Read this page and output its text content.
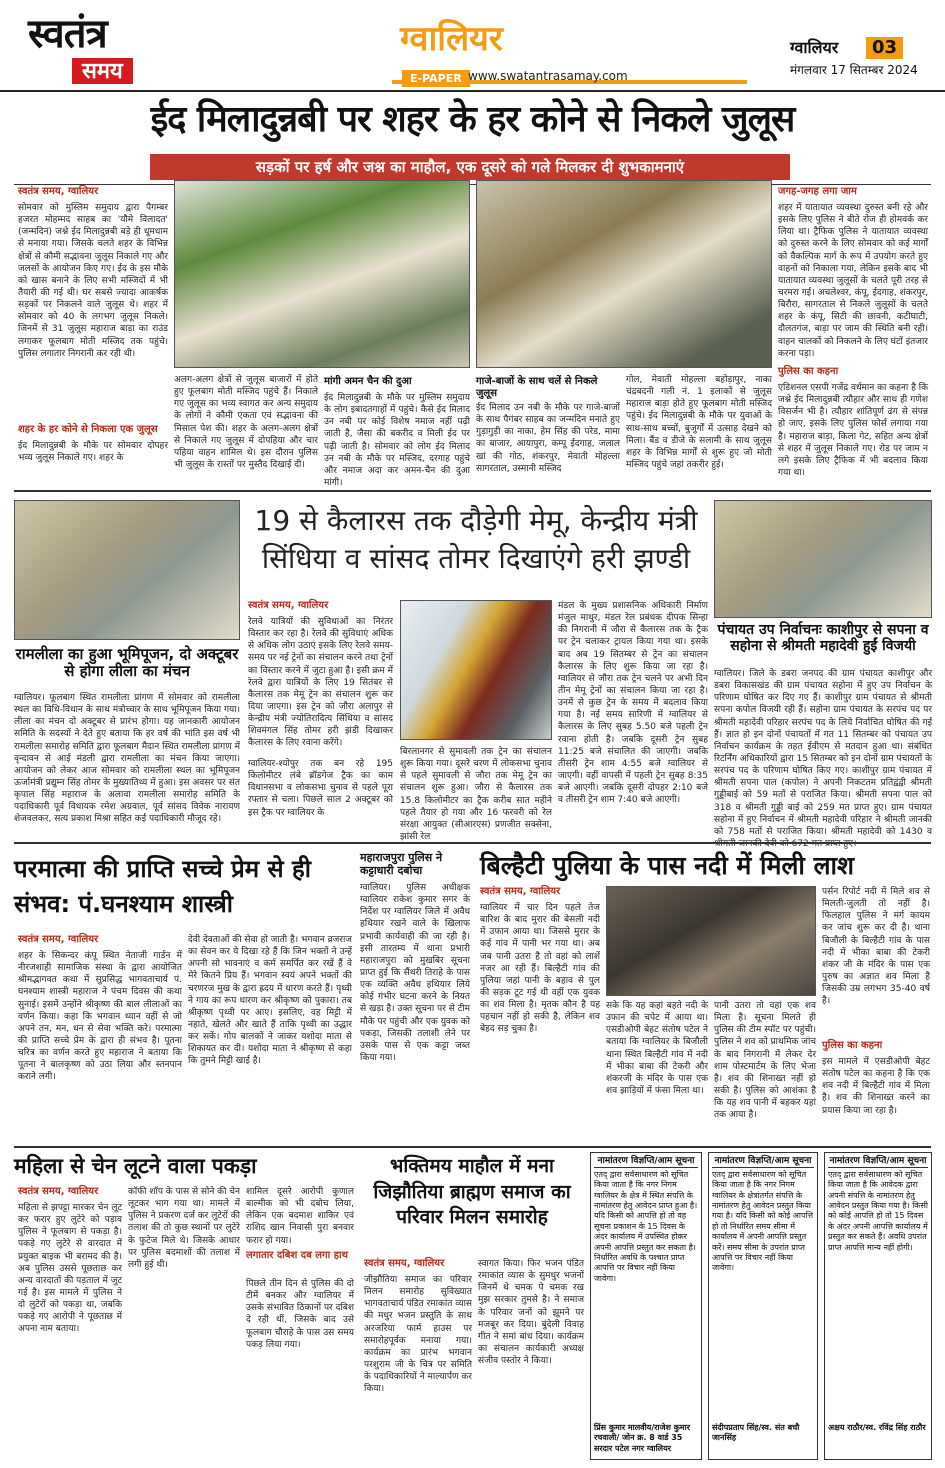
स्वतंत्र
समय
ग्वालियर
E-PAPER www.swatantrasamay.com
ग्वालियर	03
मंगलवार 17 सितम्बर 2024
ईद मिलादुन्नबी पर शहर के हर कोने से निकले जुलूस
सड़कों पर हर्ष और जश्न का माहौल, एक दूसरे को गले मिलकर दी शुभकामनाएं
स्वतंत्र समय, ग्वालियर
सोमवार को मुस्लिम समुदाय द्वारा पैगम्बर हजरत मोहम्मद साहब का 'यौमे विलादत' (जन्मदिन) जश्ने ईद मिलादुन्नबी बड़े ही धूमधाम से मनाया गया। जिसके चलते शहर के विभिन्न क्षेत्रों से कौमी सद्भावना जुलूस निकाले गए और जलसों के आयोजन किए गए। ईद के इस मौके को खास बनाने के लिए सभी मस्जिदों में भी तैयारी की गई थी। घर सबसे ज्यादा आकर्षक सड़कों पर निकलने वाले जुलूस थे। शहर में सोमवार को 40 के लगभग जुलूस निकले। जिनमें से 31 जुलूस महाराज बाड़ा का राउंड लगाकर फूलबाग मोती मस्जिद तक पहुंचे। पुलिस लगातार निगरानी कर रही थी।
शहर के हर कोने से निकला एक जुलूस
ईद मिलादुन्नबी के मौके पर सोमवार दोपहर भव्य जुलूस निकाले गए। शहर के
अलग-अलग क्षेत्रों से जुलूस बाजारों में होते हुए फूलबाग मोती मस्जिद पहुंचे हैं। निकाले गए जुलूस का भव्य स्वागत कर अन्य समुदाय के लोगों ने कौमी एकता एवं सद्भावना की मिसाल पेश की। शहर के अलग-अलग क्षेत्रों से निकाले गए जुलूस में दोपहिया और चार पहिया वाहन शामिल थे। इस दौरान पुलिस भी जुलूस के रास्तों पर मुस्तैद दिखाई दी।
मांगी अमन चैन की दुआ
ईद मिलादुन्नबी के मौके पर मुस्लिम समुदाय के लोग इबादतगाहों में पहुंचे। कैसे ईद मिलाद उन नबी पर कोई विशेष नमाज नहीं पढ़ी जाती है, जैसा की बकरीद व मिली ईद पर पढ़ी जाती है। सोमवार को लोग ईद मिलाद उन नबी के मौके पर मस्जिद, दरगाह पहुंचे और नमाज अदा कर अमन-चैन की दुआ मांगी।
गाजे-बाजों के साथ चलें से निकले जुलूस
ईद मिलाद उन नबी के मौके पर गाजे-बाजों के साथ पैगंबर साहब का जन्मदिन मनाते हुए गुड़ागुड़ी का नाका, हेम सिंह की परेड, मामा का बाजार, आयापुरा, कम्पू ईदगाह, जलाल खां की गोठ, शंकरपुर, मेवाती मोहल्ला सागरताल, उस्मानी मस्जिद
गोल, मेवाती मोहल्ला बहोड़ापुर, नाका चंद्रबदनी गली नं. 1 इलाकों से जुलूस महाराज बाड़ा होते हुए फूलबाग मोती मस्जिद पहुंचे। ईद मिलादुन्नबी के मौके पर युवाओं के साथ-साथ बच्चों, बुजुर्गों में उत्साह देखने को मिला। बैंड व डीजे के सलामी के साथ जुलूस शहर के विभिन्न मार्गों से शुरू हुए जो मोती मस्जिद पहुंचे जहां तकरीर हुई।
जगह-जगह लगा जाम
शहर में यातायात व्यवस्था दुरुस्त बनी रहे और इसके लिए पुलिस ने बीते रोज ही होमवर्क कर लिया था। ट्रैफिक पुलिस ने यातायात व्यवस्था को दुरुस्त करने के लिए सोमवार को कई मार्गों को वैकल्पिक मार्ग के रूप में उपयोग करते हुए वाहनों को निकाला गया, लेकिन इसके बाद भी यातायात व्यवस्था जुलूसों के चलते पूरी तरह से चरमरा गई। अचलेश्वर, कंपू, ईदगाह, शंकरपुर, बिरौरा, सागरताल से निकले जुलूसों के चलते शहर के कंपू, सिटी की छावनी, कटीघाटी, दौलतगंज, बाड़ा पर जाम की स्थिति बनी रही। वाहन चालकों को निकलने के लिए घंटों इंतजार करना पड़ा।
पुलिस का कहना
एडिशनल एसपी गजेंद्र वर्धमान का कहना है कि जश्ने ईद मिलादुन्नबी त्यौहार और साथ ही गणेश विसर्जन भी है। त्यौहार शांतिपूर्ण ढंग से संपन्न हो जाए, इसके लिए पुलिस फोर्स लगाया गया है। महाराज बाड़ा, किला गेट, सहित अन्य क्षेत्रों से शहर में जुलूस निकाले गए। रोड पर जाम न लगे इसके लिए ट्रैफिक में भी बदलाव किया गया था।
रामलीला का हुआ भूमिपूजन, दो अक्टूबर से होगा लीला का मंचन
ग्वालियर। फूलबाग स्थित रामलीला प्रांगण में सोमवार को रामलीला स्थल का विधि-विधान के साथ मंत्रोच्चार के साथ भूमिपूजन किया गया। लीला का मंचन दो अक्टूबर से प्रारंभ होगा। यह जानकारी आयोजन समिति के सदस्यों ने देते हुए बताया कि हर वर्ष की भांति इस वर्ष भी रामलीला समारोह समिति द्वारा फूलबाग मैदान स्थित रामलीला प्रांगण में वृन्दावन से आई मंडली द्वारा रामलीला का मंचन किया जाएगा। आयोजन को लेकर आज सोमवार को रामलीला स्थल का भूमिपूजन ऊर्जामंत्री प्रद्युम्न सिंह तोमर के मुख्यातिथ्य में हुआ। इस अवसर पर संत कृपाल सिंह महाराज के अलावा रामलीला समारोह समिति के पदाधिकारी पूर्व विधायक रमेश अग्रवाल, पूर्व सांसद विवेक नारायण शेजवलकर, सत्य प्रकाश मिश्रा सहित कई पदाधिकारी मौजूद रहे।
19 से कैलारस तक दौड़ेगी मेमू, केन्द्रीय मंत्री सिंधिया व सांसद तोमर दिखाएंगे हरी झण्डी
स्वतंत्र समय, ग्वालियर
रेलवे यात्रियों की सुविधाओं का निरंतर विस्तार कर रहा है। रेलवे की सुविधाएं अधिक से अधिक लोग उठाएं इसके लिए रेलवे समय-समय पर नई ट्रेनों का संचालन करने तथा ट्रेनों का विस्तार करने में जुटा हुआ है। इसी क्रम में रेलवे द्वारा यात्रियों के लिए 19 सितंबर से कैलारस तक मेमू ट्रेन का संचालन शुरू कर दिया जाएगा। इस ट्रेन को जौरा अलापुर से केन्द्रीय मंत्री ज्योतिरादित्य सिंधिया व सांसद शिवमंगल सिंह तोमर हरी झंडी दिखाकर कैलारस के लिए रवाना करेंगे।
ग्वालियर-श्योपुर तक बन रहे 195 किलोमीटर लंबे ब्रॉडगेज ट्रैक का काम विधानसभा व लोकसभा चुनाव से पहले पूरा रफ्तार से चला। पिछले साल 2 अक्टूबर को इस ट्रैक पर ग्वालियर के
बिरलानगर से सुमावली तक ट्रेन का संचालन शुरू किया गया। दूसरे चरण में लोकसभा चुनाव से पहले सुमावली से जौरा तक मेमू ट्रेन का संचालन शुरू हुआ। जौरा से कैलारस तक 15.8 किलोमीटर का ट्रैक करीब सात महीने पहले तैयार हो गया और 16 फरवरी को रेल संरक्षा आयुक्त (सीआरएस) प्रणजीत सक्सेना, झांसी रेल
मंडल के मुख्य प्रशासनिक अधिकारी निर्माण मंजुल माथुर, मंडल रेल प्रबंधक दीपक सिन्हा की निगरानी में जौरा से कैलारस तक के ट्रैक पर ट्रेन चलाकर ट्रायल किया गया था। इसके बाद अब 19 सितम्बर से ट्रेन का संचालन कैलारस के लिए शुरू किया जा रहा है। ग्वालियर से जौरा तक ट्रेन चलने पर अभी दिन तीन मेमू ट्रेनों का संचालन किया जा रहा है। उनमें से कुछ ट्रेन के समय में बदलाव किया गया है। नई समय सारिणी में ग्वालियर से कैलारस के लिए सुबह 5.50 बजे पहली ट्रेन रवाना होती है। जबकि दूसरी ट्रेन सुबह 11:25 बजे संचालित की जाएगी। जबकि तीसरी ट्रेन शाम 4:55 बजे ग्वालियर से जाएगी। वहीं वापसी में पहली ट्रेन सुबह 8:35 बजे आएगी। जबकि दूसरी दोपहर 2:10 बजे व तीसरी ट्रेन शाम 7:40 बजे आएगी।
पंचायत उप निर्वाचनः काशीपुर से सपना व सहोना से श्रीमती महादेवी हुईं विजयी
ग्वालियर। जिले के डबरा जनपद की ग्राम पंचायत काशीपुर और डबरा विकासखंड की ग्राम पंचायत सहोना में हुए उप निर्वाचन के परिणाम घोषित कर दिए गए हैं। काशीपुर ग्राम पंचायत से श्रीमती सपना कपोल विजयी रही हैं। सहोना ग्राम पंचायत के सरपंच पद पर श्रीमती महादेवी परिहार सरपंच पद के लिये निर्वाचित घोषित की गई हैं। ज्ञात हो इन दोनों पंचायतों में गत 11 सितम्बर को पंचायत उप निर्वाचन कार्यक्रम के तहत ईवीएम से मतदान हुआ था। संबंधित रिटर्निंग अधिकारियों द्वारा 15 सितम्बर को इन दोनों ग्राम पंचायतों के सरपंच पद के परिणाम घोषित किए गए। काशीपुर ग्राम पंचायत में श्रीमती सपना पाल (कपोल) ने अपनी निकटतम प्रतिद्वंद्वी श्रीमती गुड्डीबाई को 59 मतों से पराजित किया। श्रीमती सपना पाल को 318 व श्रीमती गुड्डी बाई को 259 मत प्राप्त हुए। ग्राम पंचायत सहोना में हुए निर्वाचन में श्रीमती महादेवी परिहार ने श्रीमती जानकी को 758 मतों से पराजित किया। श्रीमती महादेवी को 1430 व
परमात्मा की प्राप्ति सच्चे प्रेम से ही संभव: पं.घनश्याम शास्त्री
स्वतंत्र समय, ग्वालियर
शहर के सिकन्दर कंपू स्थित नेताजी गार्डन में नीरजशाही सामाजिक संस्था के द्वारा आयोजित श्रीमद्भागवत कथा में सुप्रसिद्ध भागवताचार्य पं. घनश्याम शास्त्री महाराज ने पंचम दिवस की कथा सुनाई। इसमें उन्होंने श्रीकृष्ण की बाल लीलाओं का वर्णन किया। कहा कि भगवान ध्यान वहीं से जो अपने तन, मन, धन से सेवा भक्ति करे। परमात्मा की प्राप्ति सच्चे प्रेम के द्वारा ही संभव है। पूतना चरित्र का वर्णन करते हुए महाराज ने बताया कि पूतना ने बालकृष्ण को उठा लिया और स्तनपान कराने लगी।
देवी देवताओं की सेवा हो जाती है। भगवान व्रजराज का सेवन कर ये दिखा रहे हैं कि जिन भक्तों ने उन्हें अपनी सो भावनाएं व कर्म समर्पित कर रखें हैं वे मेरे कितने प्रिय हैं। भगवान स्वयं अपने भक्तों की चरणरज मुख के द्वारा ह्रदय में धारण करते हैं। पृथ्वी ने गाय का रूप धारण कर श्रीकृष्ण को पुकारा। तब श्रीकृष्ण पृथ्वी पर आए। इसलिए, वह मिट्टी में नहाते, खेलते और खाते हैं ताकि पृथ्वी का उद्धार कर सकें। गोप बालकों ने जाकर यशोदा माता से शिकायत कर दी। यशोदा माता ने श्रीकृष्ण से कहा कि तुमने मिट्टी खाई है।
महाराजपुरा पुलिस ने कट्टाधारी दबोचा
ग्वालियर। पुलिस अधीक्षक ग्वालियर राकेश कुमार सगर के निर्देश पर ग्वालियर जिले में अवैध हथियार रखने वाले के खिलाफ प्रभावी कार्यवाही की जा रही है। इसी तारतम्य में थाना प्रभारी महाराजपुरा को मुखबिर सूचना प्राप्त हुई कि सैंथरी तिराहे के पास एक व्यक्ति अवैध हथियार लिये कोई गंभीर घटना करने के नियत से खड़ा है। उक्त सूचना पर से टीम मौके पर पहुंची और एक युवक को पकड़ा, जिसकी तलाशी लेने पर उसके पास से एक कट्टा जब्त किया गया।
बिल्हैटी पुलिया के पास नदी में मिली लाश
स्वतंत्र समय, ग्वालियर
ग्वालियर में चार दिन पहले तेज बारिश के बाद मुरार की बेसली नदी में उफान आया था। जिससे मुरार के कई गांव में पानी भर गया था। अब जब पानी उतरा है तो वहां को लाशें नजर आ रही हैं। बिल्हैटी गांव की पुलिया जहां पानी के बहाव से पुल की सड़क टूट गई थी वहीं एक युवक का शव मिला है। मृतक कौन है यह पहचान नहीं हो सकी है, लेकिन शव बेहद सड़ चुका है।
सके कि यह कहां बहते नदी के उफान की चपेट में आया था। एसडीओपी बेहट संतोष पटेल ने बताया कि ग्वालियर के बिजौली थाना स्थित बिल्हैटी गांव में नदी में भीका बाबा की टेकरी और शंकरजी के मंदिर के पास एक शव झाड़ियों में फंसा मिला था।
पानी उतरा तो वहां एक शव मिला है। सूचना मिलते ही पुलिस की टीम स्पॉट पर पहुंची। पुलिस ने शव को प्राथमिक जांच के बाद निगरानी में लेकर देर शाम पोस्टमार्टम के लिए भेजा है। शव की शिनाख्त नहीं हो सकी है। पुलिस को आशंका है कि यह शव पानी में बहकर यहां तक आया है।
पर्सन रिपोर्ट नदी में मिले शव से मिलती-जुलती तो नहीं है। फिलहाल पुलिस ने मर्ग कायम कर जांच शुरू कर दी है। थाना बिजौली के बिल्हैटी गांव के पास नदी में भीका बाबा की टेकरी शंकर जी के मंदिर के पास एक पुरुष का अज्ञात शव मिला है जिसकी उम्र लगभग 35-40 वर्ष है।
पुलिस का कहना
इस मामले में एसडीओपी बेहट संतोष पटेल का कहना है कि एक शव नदी में बिल्हैटी गांव में मिला है। शव की शिनाख्त करने का प्रयास किया जा रहा है।
महिला से चेन लूटने वाला पकड़ा
स्वतंत्र समय, ग्वालियर
महिला से झपट्टा मारकर चेन लूट कर फरार हुए लुटेरे को पड़ाव पुलिस ने फूलबाग से पकड़ा है। पकड़े गए लुटेरे से वारदात में प्रयुक्त बाइक भी बरामद की है। अब पुलिस उससे पूछताछ कर अन्य वारदातों की पड़ताल में जुट गई है। इस मामले में पुलिस ने दो लुटेरों को पकड़ा था, जबकि पकड़े गए आरोपी ने पूछताछ में अपना नाम बताया।
कॉफी शॉप के पास से सोने की चेन लूटकर भाग गया था। मामले में पुलिस ने प्रकरण दर्ज कर लुटेरों की तलाश की तो कुछ स्थानों पर लुटेरे के फुटेज मिले थे। जिसके आधार पर पुलिस बदमाशों की तलाश में लगी हुई थी।
शामिल दूसरे आरोपी कुणाल बाल्मीक को भी दबोच लिया, लेकिन एक बदमाश शाकिर एवं राशिद खान निवासी पुरा बनवार फरार हो गया।
लगातार दबिश दब लगा हाथ
पिछले तीन दिन से पुलिस की दो टीमें बनकर और ग्वालियर में उसके संभावित ठिकानों पर दबिश दे रही थीं, जिसके बाद उसे फूलबाग चौराहे के पास उस समय पकड़ लिया गया।
भक्तिमय माहौल में मना जिझौतिया ब्राह्मण समाज का परिवार मिलन समारोह
स्वतंत्र समय, ग्वालियर
जीझौतिया समाज का परिवार मिलन समारोह सुविख्यात भागवताचार्य पंडित रमाकांत व्यास की मधुर भजन प्रस्तुति के साथ अरजरिया फार्म हाउस पर समारोहपूर्वक मनाया गया। कार्यक्रम का प्रारंभ भगवान परशुराम जी के चित्र पर समिति के पदाधिकारियों ने माल्यार्पण कर किया।
स्वागत किया। फिर भजन पंडित रमाकांत व्यास के सुमधुर भजनों जिनमें थे चमक पे चमक रख मुझ सरकार तुमसे है। ने समाज के परिवार जनों को झूमने पर मजबूर कर दिया। बुंदेली विवाह गीत ने समां बांध दिया। कार्यक्रम का संचालन कार्यकारी अध्यक्ष संजीव पस्तोर ने किया।
नामांतरण विज्ञप्ति/आम सूचना
एतद् द्वारा सर्वसाधारण को सूचित किया जाता है कि नगर निगम ग्वालियर के क्षेत्र में स्थित संपत्ति के नामांतरण हेतु आवेदन प्राप्त हुआ है। यदि किसी को आपत्ति हो तो वह सूचना प्रकाशन के 15 दिवस के अंदर कार्यालय में उपस्थित होकर अपनी आपत्ति प्रस्तुत कर सकता है। निर्धारित अवधि के पश्चात प्राप्त आपत्ति पर विचार नहीं किया जावेगा।
प्रिंस कुमार मालवीय/राजेश कुमार रचवाली/ जोन क्र. 8 वार्ड 35 सरदार पटेल नगर ग्वालियर
नामांतरण विज्ञप्ति/आम सूचना
एतद् द्वारा सर्वसाधारण को सूचित किया जाता है कि नगर निगम ग्वालियर के क्षेत्रांतर्गत संपत्ति के नामांतरण हेतु आवेदन प्रस्तुत किया गया है। यदि किसी को कोई आपत्ति हो तो निर्धारित समय सीमा में कार्यालय में अपनी आपत्ति प्रस्तुत करें। समय सीमा के उपरांत प्राप्त आपत्ति पर विचार नहीं किया जावेगा।
संदीपप्रताप सिंह/स्व. संत बचौ जानसिंह
नामांतरण विज्ञप्ति/आम सूचना
एतद् द्वारा सर्वसाधारण को सूचित किया जाता है कि आवेदक द्वारा अपनी संपत्ति के नामांतरण हेतु आवेदन प्रस्तुत किया गया है। किसी को कोई आपत्ति हो तो 15 दिवस के अंदर अपनी आपत्ति कार्यालय में प्रस्तुत कर सकते हैं। अवधि उपरांत प्राप्त आपत्ति मान्य नहीं होगी।
अक्षय राठौर/स्व. रविंद्र सिंह राठौर
